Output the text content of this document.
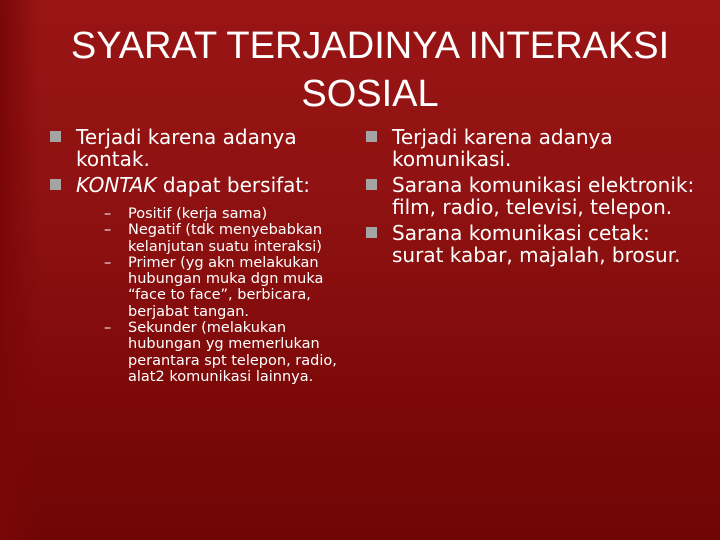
SYARAT TERJADINYA INTERAKSI
SOSIAL
Terjadi karena adanya kontak.
KONTAK dapat bersifat:
– Positif (kerja sama)
– Negatif (tdk menyebabkan kelanjutan suatu interaksi)
– Primer (yg akn melakukan hubungan muka dgn muka “face to face”, berbicara, berjabat tangan.
– Sekunder (melakukan hubungan yg memerlukan perantara spt telepon, radio, alat2 komunikasi lainnya.
Terjadi karena adanya komunikasi.
Sarana komunikasi elektronik: film, radio, televisi, telepon.
Sarana komunikasi cetak: surat kabar, majalah, brosur.
